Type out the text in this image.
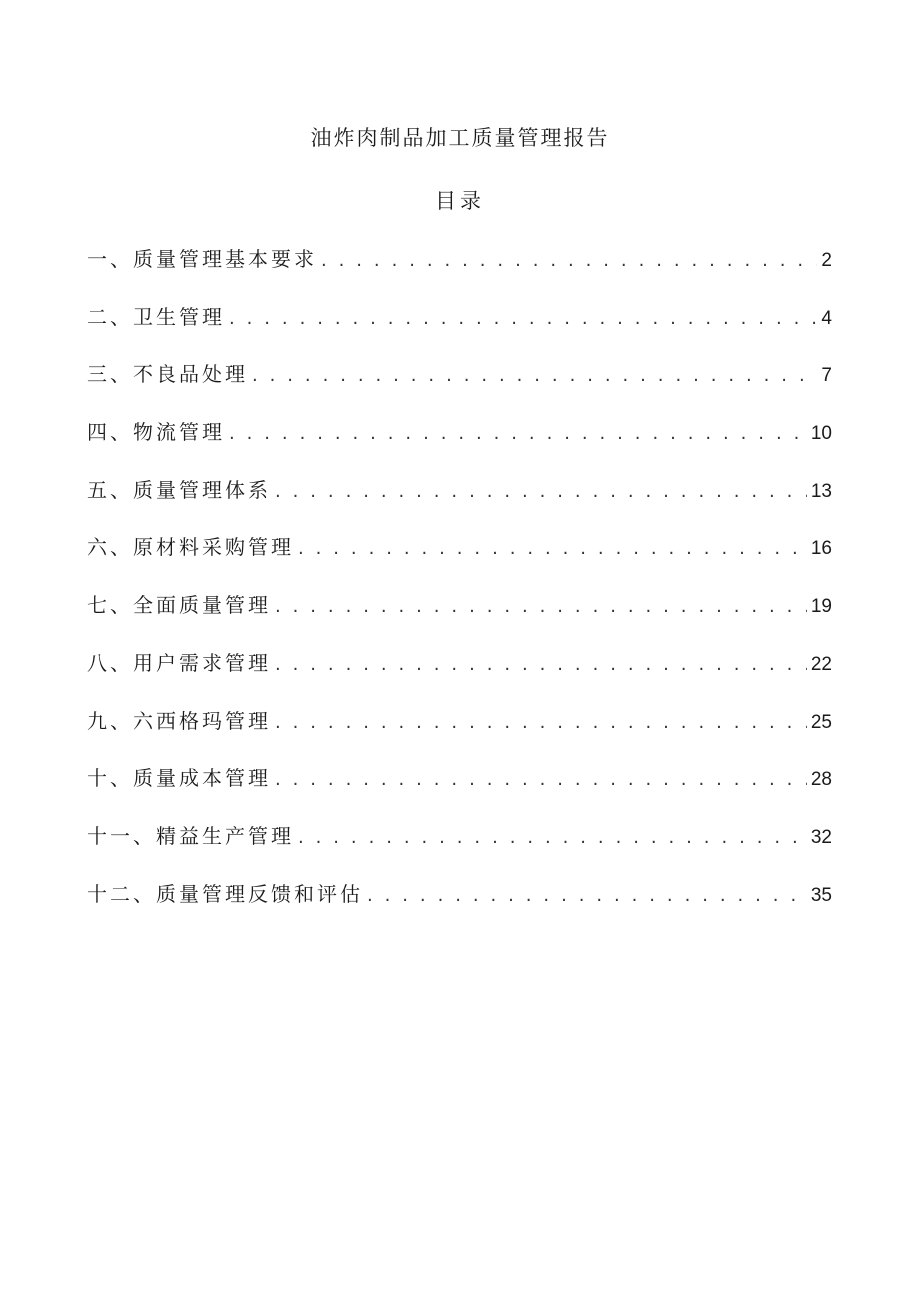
油炸肉制品加工质量管理报告
目录
一、质量管理基本要求 . . .	2
二、卫生管理 . . .	4
三、不良品处理 . . .	7
四、物流管理 . . .	10
五、质量管理体系 . . .	13
六、原材料采购管理 . . .	16
七、全面质量管理 . . .	19
八、用户需求管理 . . .	22
九、六西格玛管理 . . .	25
十、质量成本管理 . . .	28
十一、精益生产管理 . . .	32
十二、质量管理反馈和评估 . . .	35
